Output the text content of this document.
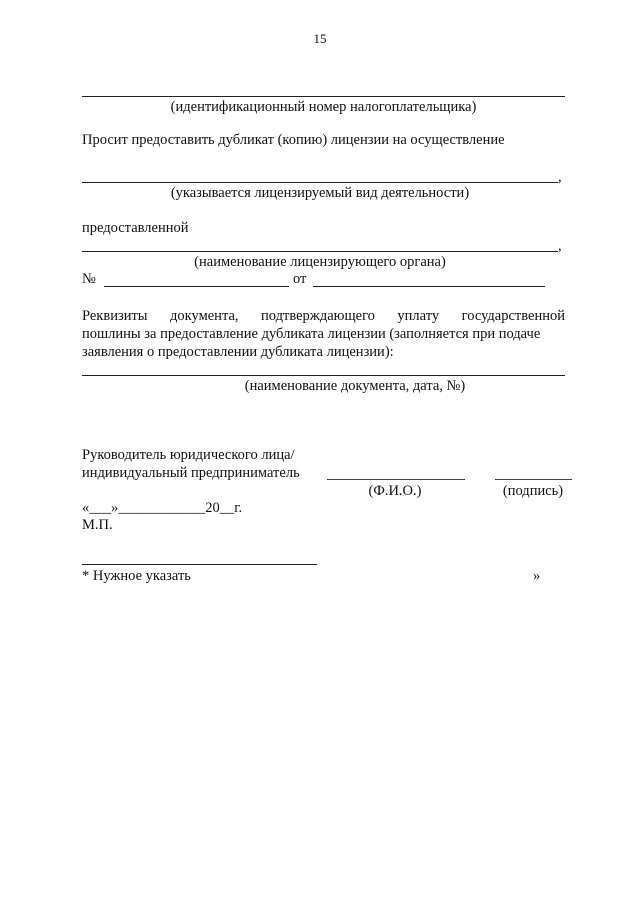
15
(идентификационный номер налогоплательщика)
Просит предоставить дубликат (копию) лицензии на осуществление
,
(указывается лицензируемый вид деятельности)
предоставленной
,
(наименование лицензирующего органа)
№	от
Реквизиты документа, подтверждающего уплату государственной
пошлины за предоставление дубликата лицензии (заполняется при подаче
заявления о предоставлении дубликата лицензии):
(наименование документа, дата, №)
Руководитель юридического лица/
индивидуальный предприниматель
(Ф.И.О.)	(подпись)
«___»____________20__г.
М.П.
* Нужное указать	»
